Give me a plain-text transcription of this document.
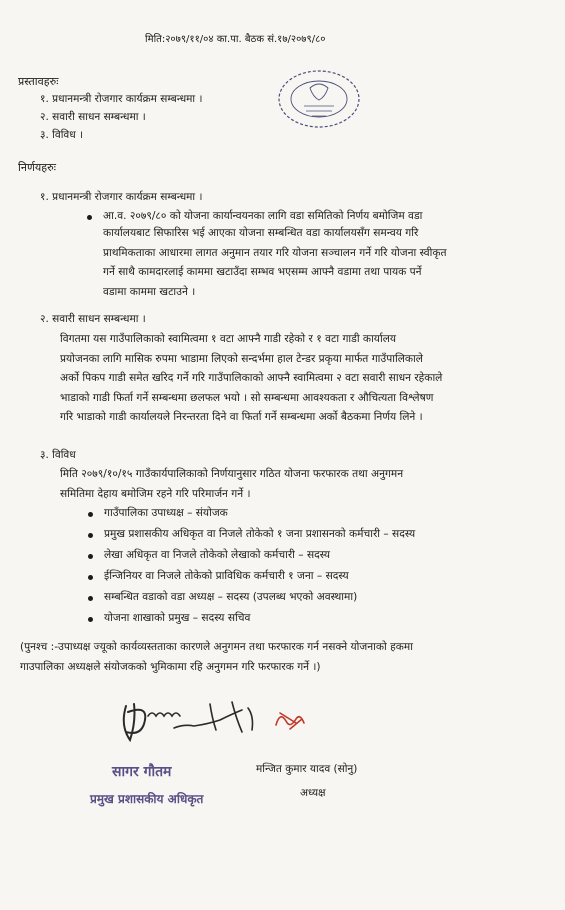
मिति:२०७९/११/०४ का.पा. बैठक सं.१७/२०७९/८०
प्रस्तावहरुः
१. प्रधानमन्त्री रोजगार कार्यक्रम सम्बन्धमा ।
२. सवारी साधन सम्बन्धमा ।
३. विविध ।
निर्णयहरुः
१. प्रधानमन्त्री रोजगार कार्यक्रम सम्बन्धमा ।
आ.व. २०७९/८० को योजना कार्यान्वयनका लागि वडा समितिको निर्णय बमोजिम वडा
कार्यालयबाट सिफारिस भई आएका योजना सम्बन्धित वडा कार्यालयसँग समन्वय गरि
प्राथमिकताका आधारमा लागत अनुमान तयार गरि योजना सञ्चालन गर्ने गरि योजना स्वीकृत
गर्ने साथै कामदारलाई काममा खटाउँदा सम्भव भएसम्म आफ्नै वडामा तथा पायक पर्ने
वडामा काममा खटाउने ।
२. सवारी साधन सम्बन्धमा ।
विगतमा यस गाउँपालिकाको स्वामित्वमा १ वटा आफ्नै गाडी रहेको र १ वटा गाडी कार्यालय
प्रयोजनका लागि मासिक रुपमा भाडामा लिएको सन्दर्भमा हाल टेन्डर प्रकृया मार्फत गाउँपालिकाले
अर्को पिकप गाडी समेत खरिद गर्ने गरि गाउँपालिकाको आफ्नै स्वामित्वमा २ वटा सवारी साधन रहेकाले
भाडाको गाडी फिर्ता गर्ने सम्बन्धमा छलफल भयो । सो सम्बन्धमा आवश्यकता र औचित्यता विश्लेषण
गरि भाडाको गाडी कार्यालयले निरन्तरता दिने वा फिर्ता गर्ने सम्बन्धमा अर्को बैठकमा निर्णय लिने ।
३. विविध
मिति २०७९/१०/१५ गाउँकार्यपालिकाको निर्णयानुसार गठित योजना फरफारक तथा अनुगमन
समितिमा देहाय बमोजिम रहने गरि परिमार्जन गर्ने ।
गाउँपालिका उपाध्यक्ष – संयोजक
प्रमुख प्रशासकीय अधिकृत वा निजले तोकेको १ जना प्रशासनको कर्मचारी – सदस्य
लेखा अधिकृत वा निजले तोकेको लेखाको कर्मचारी – सदस्य
ईन्जिनियर वा निजले तोकेको प्राविधिक कर्मचारी १ जना – सदस्य
सम्बन्धित वडाको वडा अध्यक्ष – सदस्य (उपलब्ध भएको अवस्थामा)
योजना शाखाको प्रमुख – सदस्य सचिव
(पुनश्च :-उपाध्यक्ष ज्यूको कार्यव्यस्तताका कारणले अनुगमन तथा फरफारक गर्न नसक्ने योजनाको हकमा
गाउपालिका अध्यक्षले संयोजकको भुमिकामा रहि अनुगमन गरि फरफारक गर्ने ।)
सागर गौतम
प्रमुख प्रशासकीय अधिकृत
मन्जित कुमार यादव (सोनु)
अध्यक्ष
